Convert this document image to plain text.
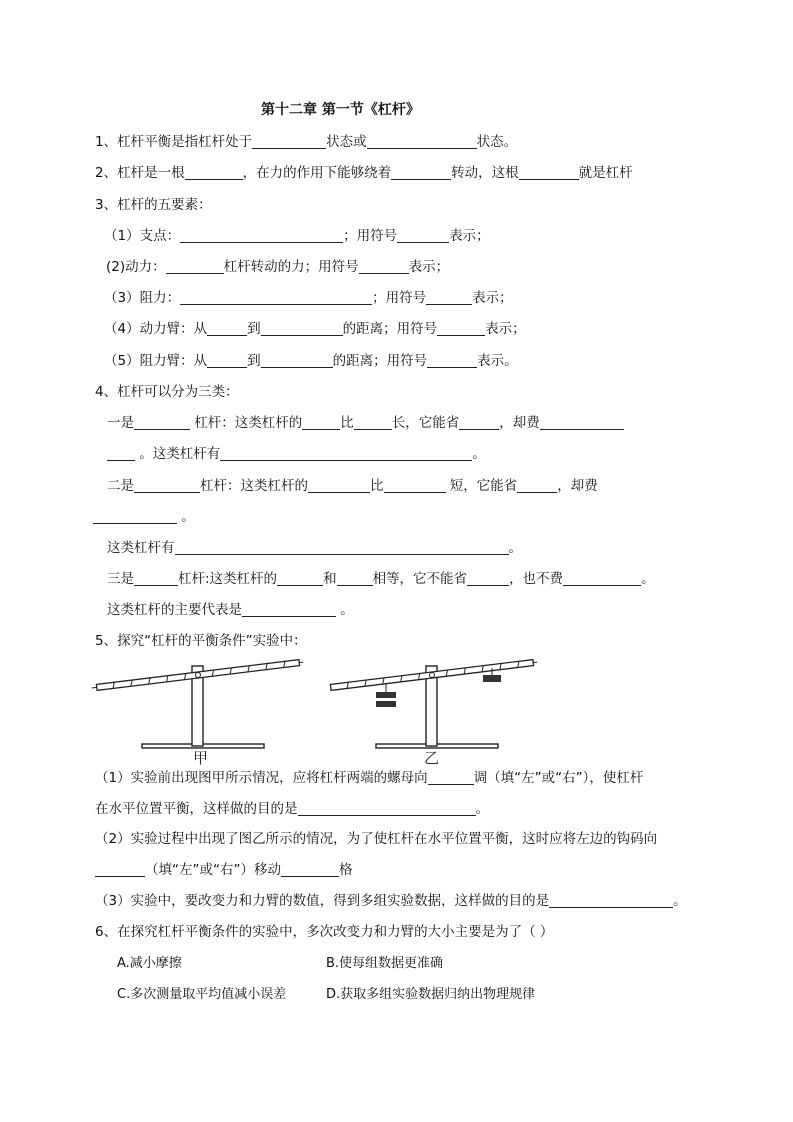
第十二章 第一节《杠杆》
1、杠杆平衡是指杠杆处于	状态或	状态。
2、杠杆是一根	，在力的作用下能够绕着	转动，这根	就是杠杆
3、杠杆的五要素：
（1）支点：	；用符号	表示；
(2)动力：	杠杆转动的力；用符号	表示；
（3）阻力：	；用符号	表示；
（4）动力臂：从	到	的距离；用符号	表示；
（5）阻力臂：从	到	的距离；用符号	表示。
4、杠杆可以分为三类：
一是	杠杆：这类杠杆的	比	长，它能省	，却费
。这类杠杆有	。
二是	杠杆：这类杠杆的	比	短，它能省	，却费
。
这类杠杆有	。
三是	杠杆:这类杠杆的	和	相等，它不能省	，也不费	。
这类杠杆的主要代表是	。
5、探究“杠杆的平衡条件”实验中：
甲	乙
（1）实验前出现图甲所示情况，应将杠杆两端的螺母向	调（填“左”或“右”），使杠杆
在水平位置平衡，这样做的目的是	。
（2）实验过程中出现了图乙所示的情况，为了使杠杆在水平位置平衡，这时应将左边的钩码向
（填“左”或“右”）移动	格
（3）实验中，要改变力和力臂的数值，得到多组实验数据，这样做的目的是	。
6、在探究杠杆平衡条件的实验中，多次改变力和力臂的大小主要是为了（ ）
A.减小摩擦	B.使每组数据更准确
C.多次测量取平均值减小误差	D.获取多组实验数据归纳出物理规律
